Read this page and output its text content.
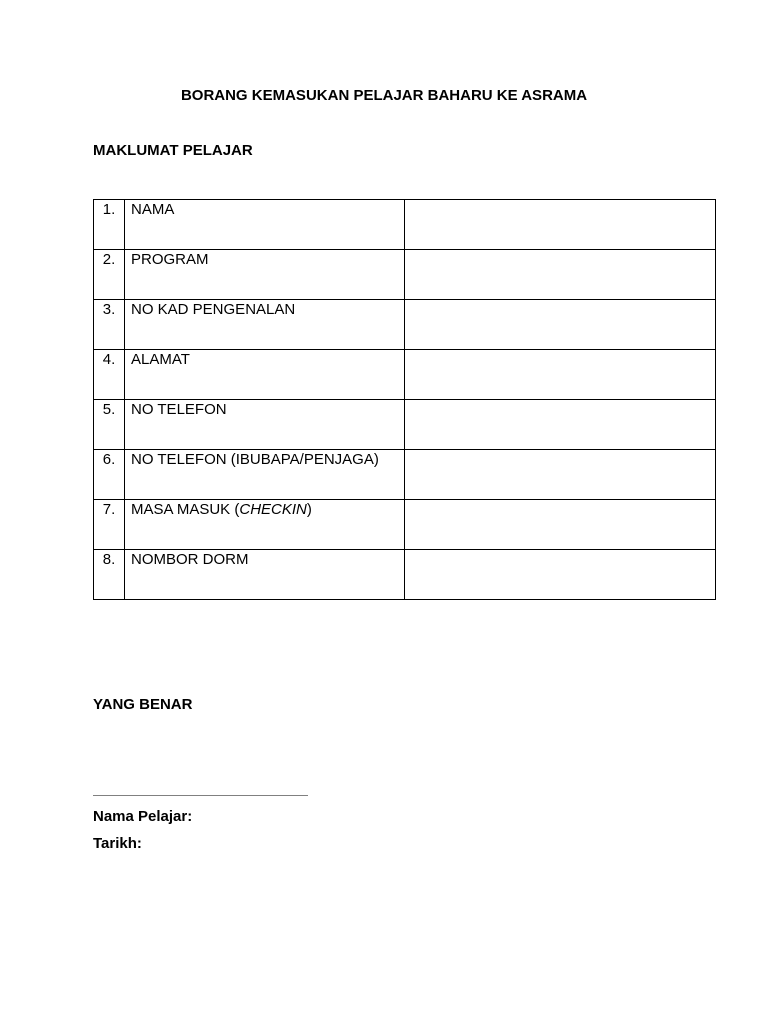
BORANG KEMASUKAN PELAJAR BAHARU KE ASRAMA
MAKLUMAT PELAJAR
1.	NAMA	
2.	PROGRAM	
3.	NO KAD PENGENALAN	
4.	ALAMAT	
5.	NO TELEFON	
6.	NO TELEFON (IBUBAPA/PENJAGA)	
7.	MASA MASUK (CHECKIN)	
8.	NOMBOR DORM	
YANG BENAR
Nama Pelajar:
Tarikh:
